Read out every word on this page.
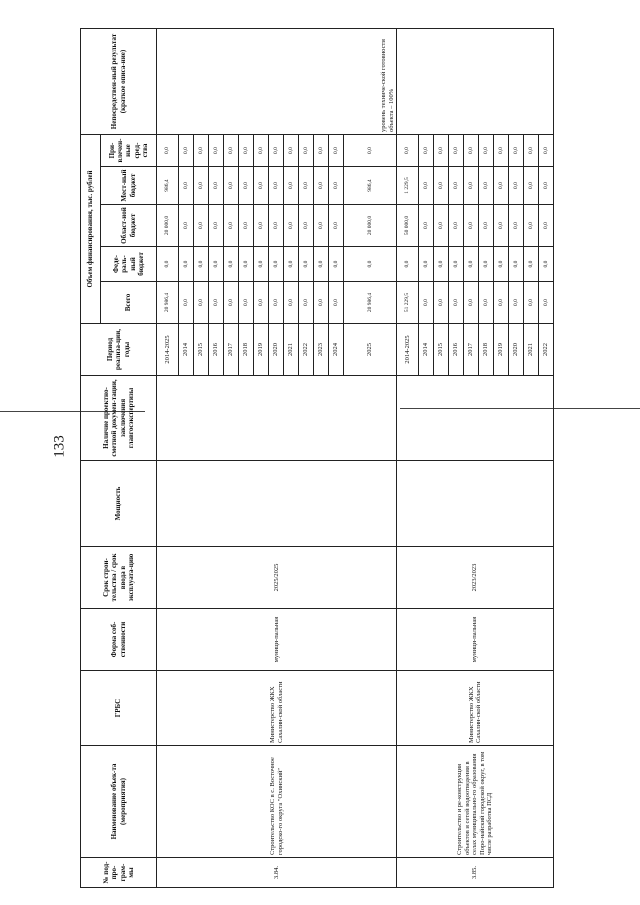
133
№ под-про-грам-мы	Наименование объек-та (мероприятия)	ГРБС	Форма соб-ственности	Срок строи-тельства / срок ввода в эксплуата-цию	Мощность	Наличие проектно-сметной докумен-тации, заключения главгосэкспертизы	Период реализа-ции, годы	Объем финансирования, тыс. рублей					Непосредствен-ный результат (краткое описа-ние)
								Всего	Феде-раль-ный бюджет	Област-ной бюджет	Мест-ный бюджет	При-влечен-ные сред-ства	
3.84.	Строительство КОС в с. Восточное городско-го округа "Охинский"	Министерство ЖКХ Сахалин-ской области	муници-пальная	2025/2025			2014-2025	20 986,4	0,0	20 000,0	986,4	0,0	уровень техниче-ской готовности объекта – 100%
							2014	0,0	0,0	0,0	0,0	0,0	
							2015	0,0	0,0	0,0	0,0	0,0	
							2016	0,0	0,0	0,0	0,0	0,0	
							2017	0,0	0,0	0,0	0,0	0,0	
							2018	0,0	0,0	0,0	0,0	0,0	
							2019	0,0	0,0	0,0	0,0	0,0	
							2020	0,0	0,0	0,0	0,0	0,0	
							2021	0,0	0,0	0,0	0,0	0,0	
							2022	0,0	0,0	0,0	0,0	0,0	
							2023	0,0	0,0	0,0	0,0	0,0	
							2024	0,0	0,0	0,0	0,0	0,0	
							2025	20 986,4	0,0	20 000,0	986,4	0,0	
3.85.	Строительство и ре-конструкция объектов и сетей водоотведения в селах муниципально-го образования Поро-найский городской округ, в том числе разработка ПСД	Министерство ЖКХ Сахалин-ской области	муници-пальная	2023/2023			2014-2025	51 229,5	0,0	50 000,0	1 229,5	0,0	
							2014	0,0	0,0	0,0	0,0	0,0	
							2015	0,0	0,0	0,0	0,0	0,0	
							2016	0,0	0,0	0,0	0,0	0,0	
							2017	0,0	0,0	0,0	0,0	0,0	
							2018	0,0	0,0	0,0	0,0	0,0	
							2019	0,0	0,0	0,0	0,0	0,0	
							2020	0,0	0,0	0,0	0,0	0,0	
							2021	0,0	0,0	0,0	0,0	0,0	
							2022	0,0	0,0	0,0	0,0	0,0	
